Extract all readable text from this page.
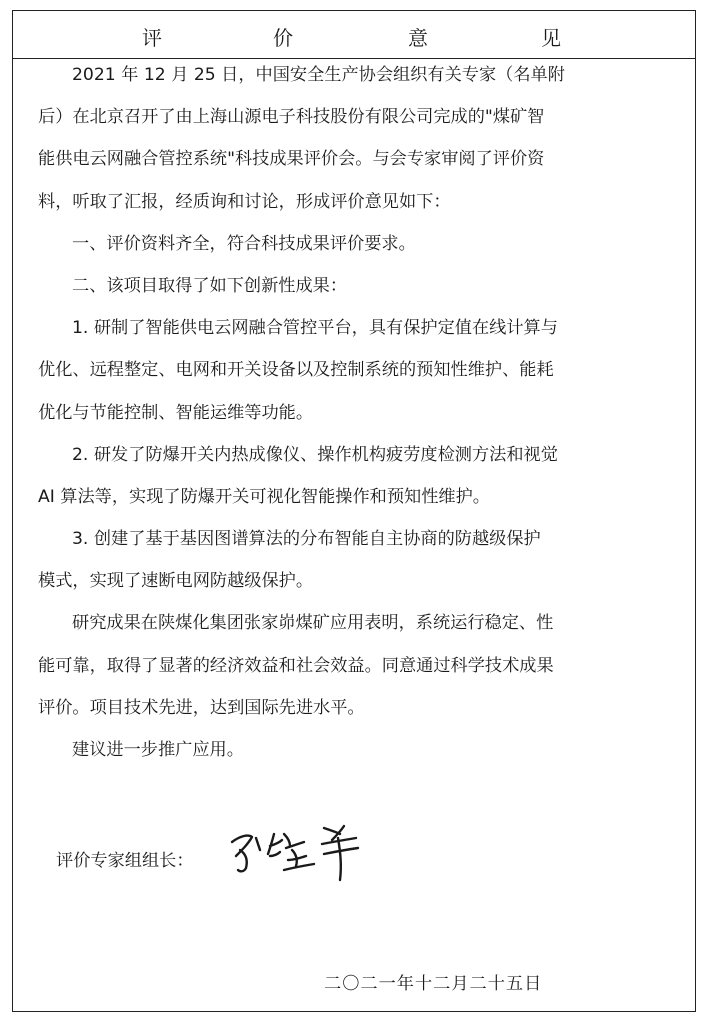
评	价	意	见
2021 年 12 月 25 日，中国安全生产协会组织有关专家（名单附
后）在北京召开了由上海山源电子科技股份有限公司完成的"煤矿智
能供电云网融合管控系统"科技成果评价会。与会专家审阅了评价资
料，听取了汇报，经质询和讨论，形成评价意见如下：
一、评价资料齐全，符合科技成果评价要求。
二、该项目取得了如下创新性成果：
1. 研制了智能供电云网融合管控平台，具有保护定值在线计算与
优化、远程整定、电网和开关设备以及控制系统的预知性维护、能耗
优化与节能控制、智能运维等功能。
2. 研发了防爆开关内热成像仪、操作机构疲劳度检测方法和视觉
AI 算法等，实现了防爆开关可视化智能操作和预知性维护。
3. 创建了基于基因图谱算法的分布智能自主协商的防越级保护
模式，实现了速断电网防越级保护。
研究成果在陕煤化集团张家峁煤矿应用表明，系统运行稳定、性
能可靠，取得了显著的经济效益和社会效益。同意通过科学技术成果
评价。项目技术先进，达到国际先进水平。
建议进一步推广应用。
评价专家组组长：
二〇二一年十二月二十五日
